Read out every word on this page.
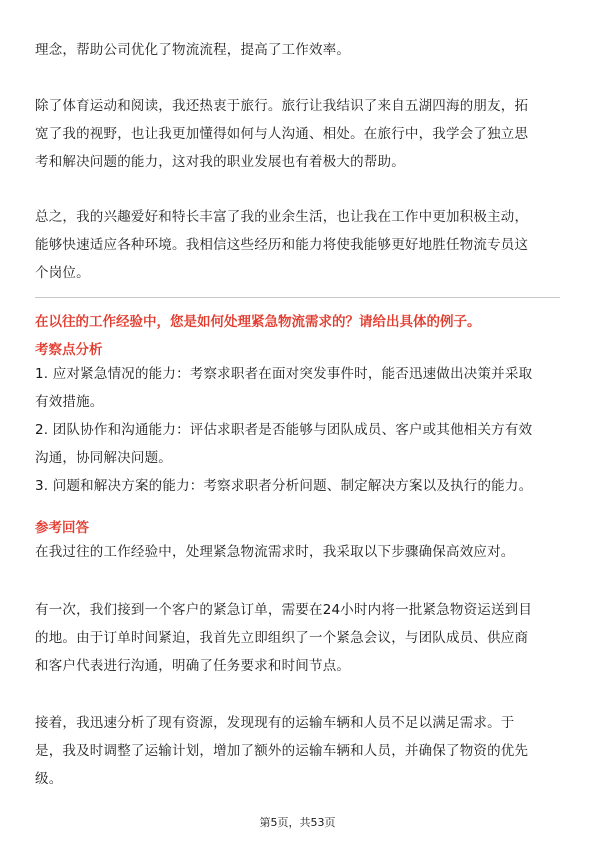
理念，帮助公司优化了物流流程，提高了工作效率。
除了体育运动和阅读，我还热衷于旅行。旅行让我结识了来自五湖四海的朋友，拓
宽了我的视野，也让我更加懂得如何与人沟通、相处。在旅行中，我学会了独立思
考和解决问题的能力，这对我的职业发展也有着极大的帮助。
总之，我的兴趣爱好和特长丰富了我的业余生活，也让我在工作中更加积极主动，
能够快速适应各种环境。我相信这些经历和能力将使我能够更好地胜任物流专员这
个岗位。
在以往的工作经验中，您是如何处理紧急物流需求的？请给出具体的例子。
考察点分析
1. 应对紧急情况的能力：考察求职者在面对突发事件时，能否迅速做出决策并采取
有效措施。
2. 团队协作和沟通能力：评估求职者是否能够与团队成员、客户或其他相关方有效
沟通，协同解决问题。
3. 问题和解决方案的能力：考察求职者分析问题、制定解决方案以及执行的能力。
参考回答
在我过往的工作经验中，处理紧急物流需求时，我采取以下步骤确保高效应对。
有一次，我们接到一个客户的紧急订单，需要在24小时内将一批紧急物资运送到目
的地。由于订单时间紧迫，我首先立即组织了一个紧急会议，与团队成员、供应商
和客户代表进行沟通，明确了任务要求和时间节点。
接着，我迅速分析了现有资源，发现现有的运输车辆和人员不足以满足需求。于
是，我及时调整了运输计划，增加了额外的运输车辆和人员，并确保了物资的优先
级。
第5页，共53页
